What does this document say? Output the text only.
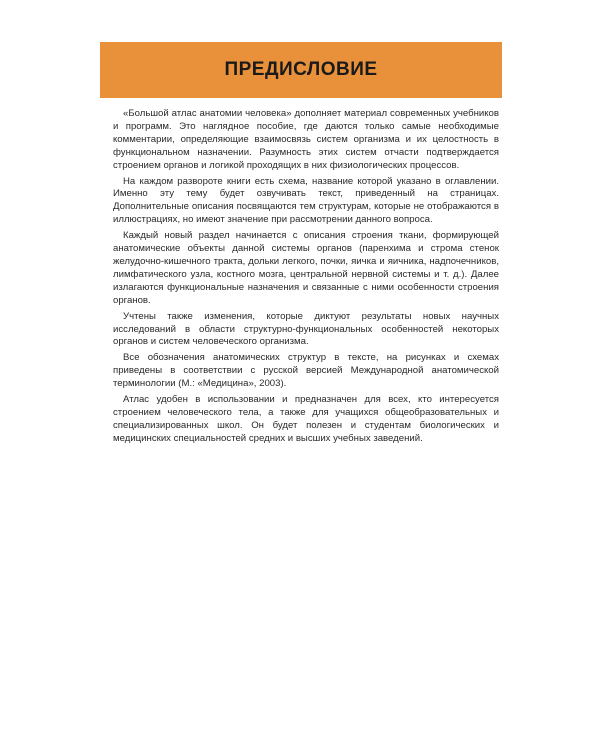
ПРЕДИСЛОВИЕ

«Большой атлас анатомии человека» дополняет материал современных учебников и программ. Это наглядное пособие, где даются только самые необходимые комментарии, определяющие взаимосвязь систем организма и их целостность в функциональном назначении. Разумность этих систем отчасти подтверждается строением органов и логикой проходящих в них физиологических процессов.

На каждом развороте книги есть схема, название которой указано в оглавлении. Именно эту тему будет озвучивать текст, приведенный на страницах. Дополнительные описания посвящаются тем структурам, которые не отображаются в иллюстрациях, но имеют значение при рассмотрении данного вопроса.

Каждый новый раздел начинается с описания строения ткани, формирующей анатомические объекты данной системы органов (паренхима и строма стенок желудочно-кишечного тракта, дольки легкого, почки, яичка и яичника, надпочечников, лимфатического узла, костного мозга, центральной нервной системы и т. д.). Далее излагаются функциональные назначения и связанные с ними особенности строения органов.

Учтены также изменения, которые диктуют результаты новых научных исследований в области структурно-функциональных особенностей некоторых органов и систем человеческого организма.

Все обозначения анатомических структур в тексте, на рисунках и схемах приведены в соответствии с русской версией Международной анатомической терминологии (М.: «Медицина», 2003).

Атлас удобен в использовании и предназначен для всех, кто интересуется строением человеческого тела, а также для учащихся общеобразовательных и специализированных школ. Он будет полезен и студентам биологических и медицинских специальностей средних и высших учебных заведений.
